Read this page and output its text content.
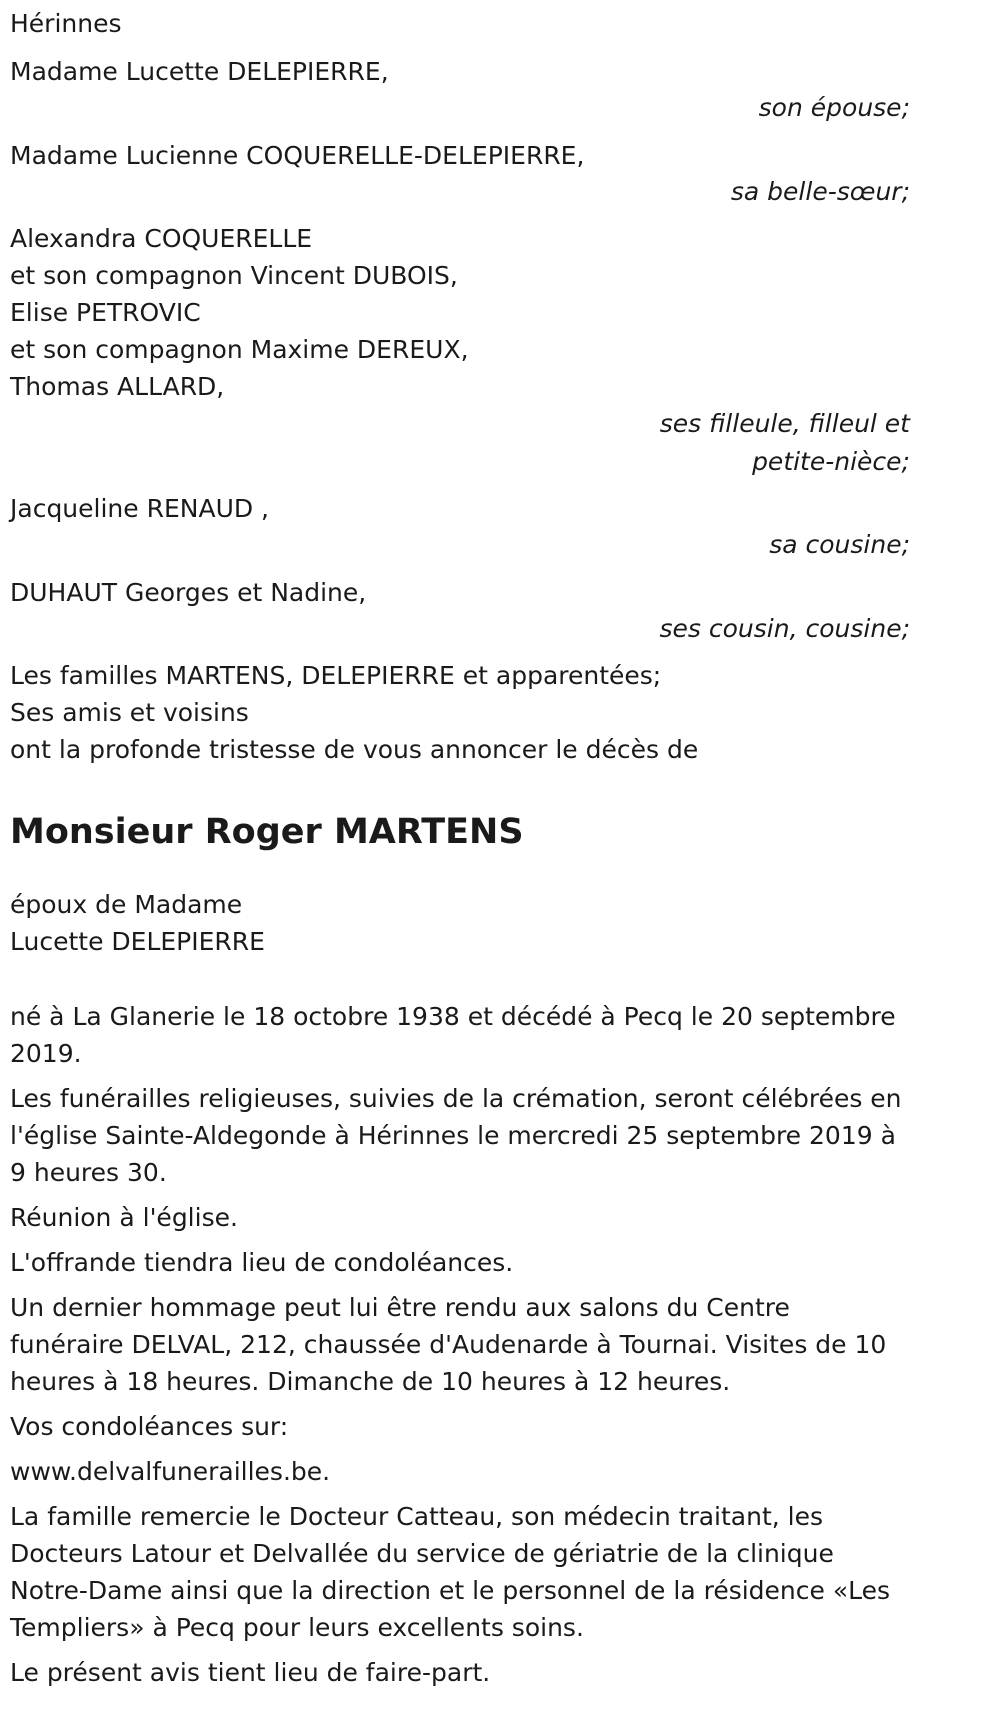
Hérinnes
Madame Lucette DELEPIERRE,
son épouse;
Madame Lucienne COQUERELLE-DELEPIERRE,
sa belle-sœur;
Alexandra COQUERELLE
et son compagnon Vincent DUBOIS,
Elise PETROVIC
et son compagnon Maxime DEREUX,
Thomas ALLARD,
ses filleule, filleul et
petite-nièce;
Jacqueline RENAUD ,
sa cousine;
DUHAUT Georges et Nadine,
ses cousin, cousine;
Les familles MARTENS, DELEPIERRE et apparentées;
Ses amis et voisins
ont la profonde tristesse de vous annoncer le décès de
Monsieur Roger MARTENS
époux de Madame
Lucette DELEPIERRE
né à La Glanerie le 18 octobre 1938 et décédé à Pecq le 20 septembre 2019.
Les funérailles religieuses, suivies de la crémation, seront célébrées en l'église Sainte-Aldegonde à Hérinnes le mercredi 25 septembre 2019 à 9 heures 30.
Réunion à l'église.
L'offrande tiendra lieu de condoléances.
Un dernier hommage peut lui être rendu aux salons du Centre funéraire DELVAL, 212, chaussée d'Audenarde à Tournai. Visites de 10 heures à 18 heures. Dimanche de 10 heures à 12 heures.
Vos condoléances sur:
www.delvalfunerailles.be.
La famille remercie le Docteur Catteau, son médecin traitant, les Docteurs Latour et Delvallée du service de gériatrie de la clinique Notre-Dame ainsi que la direction et le personnel de la résidence «Les Templiers» à Pecq pour leurs excellents soins.
Le présent avis tient lieu de faire-part.
